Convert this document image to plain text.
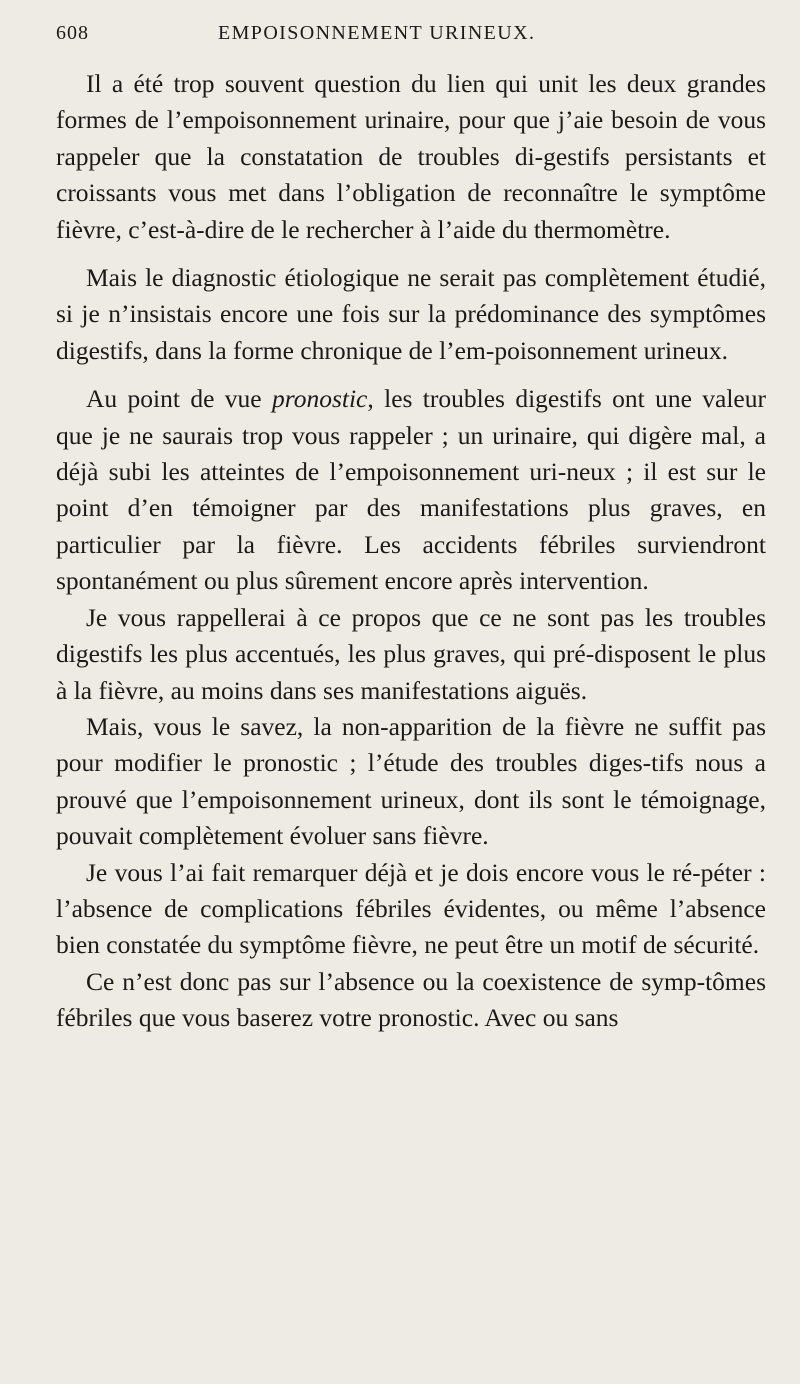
608	EMPOISONNEMENT URINEUX.

Il a été trop souvent question du lien qui unit les deux grandes formes de l’empoisonnement urinaire, pour que j’aie besoin de vous rappeler que la constatation de troubles di-gestifs persistants et croissants vous met dans l’obligation de reconnaître le symptôme fièvre, c’est-à-dire de le rechercher à l’aide du thermomètre.

Mais le diagnostic étiologique ne serait pas complètement étudié, si je n’insistais encore une fois sur la prédominance des symptômes digestifs, dans la forme chronique de l’em-poisonnement urineux.

Au point de vue pronostic, les troubles digestifs ont une valeur que je ne saurais trop vous rappeler ; un urinaire, qui digère mal, a déjà subi les atteintes de l’empoisonnement uri-neux ; il est sur le point d’en témoigner par des manifestations plus graves, en particulier par la fièvre. Les accidents fébriles surviendront spontanément ou plus sûrement encore après intervention.

Je vous rappellerai à ce propos que ce ne sont pas les troubles digestifs les plus accentués, les plus graves, qui pré-disposent le plus à la fièvre, au moins dans ses manifestations aiguës.

Mais, vous le savez, la non-apparition de la fièvre ne suffit pas pour modifier le pronostic ; l’étude des troubles diges-tifs nous a prouvé que l’empoisonnement urineux, dont ils sont le témoignage, pouvait complètement évoluer sans fièvre.

Je vous l’ai fait remarquer déjà et je dois encore vous le ré-péter : l’absence de complications fébriles évidentes, ou même l’absence bien constatée du symptôme fièvre, ne peut être un motif de sécurité.

Ce n’est donc pas sur l’absence ou la coexistence de symp-tômes fébriles que vous baserez votre pronostic. Avec ou sans
